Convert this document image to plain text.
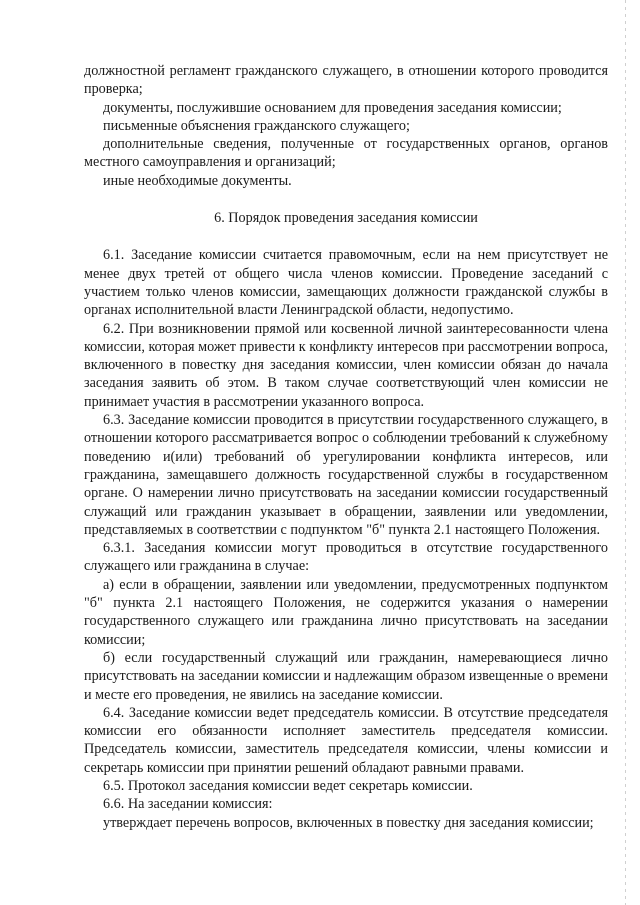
должностной регламент гражданского служащего, в отношении которого проводится проверка;

документы, послужившие основанием для проведения заседания комиссии;

письменные объяснения гражданского служащего;

дополнительные сведения, полученные от государственных органов, органов местного самоуправления и организаций;

иные необходимые документы.

6. Порядок проведения заседания комиссии

6.1. Заседание комиссии считается правомочным, если на нем присутствует не менее двух третей от общего числа членов комиссии. Проведение заседаний с участием только членов комиссии, замещающих должности гражданской службы в органах исполнительной власти Ленинградской области, недопустимо.

6.2. При возникновении прямой или косвенной личной заинтересованности члена комиссии, которая может привести к конфликту интересов при рассмотрении вопроса, включенного в повестку дня заседания комиссии, член комиссии обязан до начала заседания заявить об этом. В таком случае соответствующий член комиссии не принимает участия в рассмотрении указанного вопроса.

6.3. Заседание комиссии проводится в присутствии государственного служащего, в отношении которого рассматривается вопрос о соблюдении требований к служебному поведению и(или) требований об урегулировании конфликта интересов, или гражданина, замещавшего должность государственной службы в государственном органе. О намерении лично присутствовать на заседании комиссии государственный служащий или гражданин указывает в обращении, заявлении или уведомлении, представляемых в соответствии с подпунктом "б" пункта 2.1 настоящего Положения.

6.3.1. Заседания комиссии могут проводиться в отсутствие государственного служащего или гражданина в случае:

а) если в обращении, заявлении или уведомлении, предусмотренных подпунктом "б" пункта 2.1 настоящего Положения, не содержится указания о намерении государственного служащего или гражданина лично присутствовать на заседании комиссии;

б) если государственный служащий или гражданин, намеревающиеся лично присутствовать на заседании комиссии и надлежащим образом извещенные о времени и месте его проведения, не явились на заседание комиссии.

6.4. Заседание комиссии ведет председатель комиссии. В отсутствие председателя комиссии его обязанности исполняет заместитель председателя комиссии. Председатель комиссии, заместитель председателя комиссии, члены комиссии и секретарь комиссии при принятии решений обладают равными правами.

6.5. Протокол заседания комиссии ведет секретарь комиссии.

6.6. На заседании комиссия:

утверждает перечень вопросов, включенных в повестку дня заседания комиссии;
